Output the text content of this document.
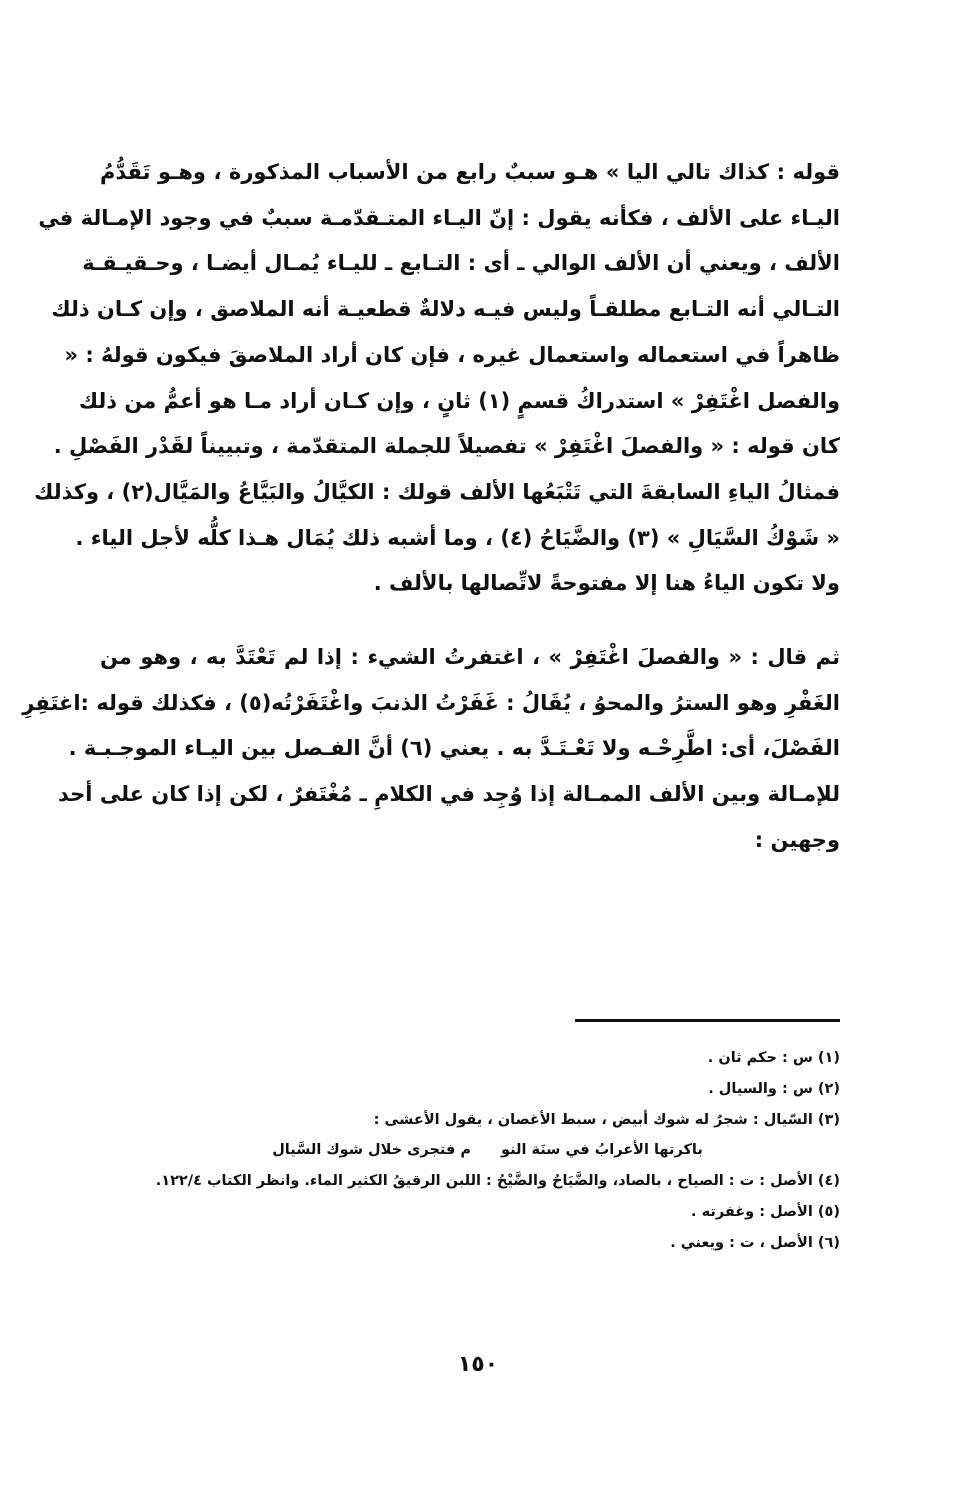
قوله : كذاك تالي اليا » هـو سببٌ رابع من الأسباب المذكورة ، وهـو تَقَدُّمُ
اليـاء على الألف ، فكأنه يقول : إنّ اليـاء المتـقدّمـة سببٌ في وجود الإمـالة في
الألف ، ويعني أن الألف الوالي ـ أى : التـابع ـ لليـاء يُمـال أيضـا ، وحـقيـقـة
التـالي أنه التـابع مطلقـاً وليس فيـه دلالةٌ قطعيـة أنه الملاصق ، وإن كـان ذلك
ظاهراً في استعماله واستعمال غيره ، فإن كان أراد الملاصقَ فيكون قولهُ : «
والفصل اغْتَفِرْ » استدراكُ قسمٍ (١) ثانٍ ، وإن كـان أراد مـا هو أعمُّ من ذلك
كان قوله : « والفصلَ اغْتَفِرْ » تفصيلاً للجملة المتقدّمة ، وتبييناً لقَدْر الفَصْلِ .
فمثالُ الياءِ السابقةَ التي تَتْبَعُها الألف قولك : الكيَّالُ والبَيَّاعُ والمَيَّال(٢) ، وكذلك
« شَوْكُ السَّيَالِ » (٣) والضَّيَاحُ (٤) ، وما أشبه ذلك يُمَال هـذا كلُّه لأجل الياء .
ولا تكون الياءُ هنا إلا مفتوحةً لاتِّصالها بالألف .

ثم قال : « والفصلَ اغْتَفِرْ » ، اغتفرتُ الشيء : إذا لم تَعْتَدَّ به ، وهو من
الغَفْرِ وهو السترُ والمحوُ ، يُقَالُ : غَفَرْتُ الذنبَ واغْتَفَرْتُه(٥) ، فكذلك قوله :اغتَفِرِ
الفَصْلَ، أى: اطَّرِحْـه ولا تَعْـتَـدَّ به . يعني (٦) أنَّ الفـصل بين اليـاء الموجـبـة .
للإمـالة وبين الألف الممـالة إذا وُجِد في الكلامِ ـ مُغْتَفرٌ ، لكن إذا كان على أحد
وجهين :

(١) س : حكم ثان .
(٢) س : والسيال .
(٣) السّيال : شجرٌ له شوك أبيض ، سبط الأغصان ، يقول الأعشى :
باكرتها الأعرابُ في سنَة النوم فتجرى خلال شوك السَّيال
(٤) الأصل : ت : الصياح ، بالصاد، والضَّيَاحُ والضَّيْحُ : اللبن الرقيقُ الكثير الماء. وانظر الكتاب ١٢٢/٤.
(٥) الأصل : وغفرته .
(٦) الأصل ، ت : ويعني .
١٥٠
